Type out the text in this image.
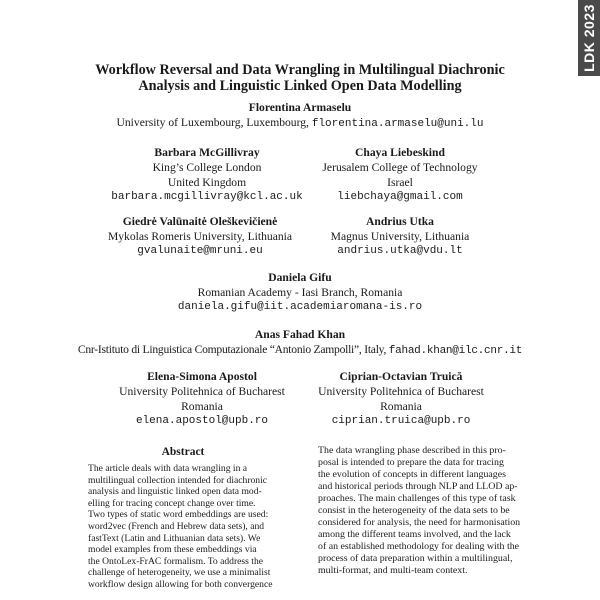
LDK 2023
Workflow Reversal and Data Wrangling in Multilingual Diachronic
Analysis and Linguistic Linked Open Data Modelling
Florentina Armaselu
University of Luxembourg, Luxembourg, florentina.armaselu@uni.lu
Barbara McGillivray
King’s College London
United Kingdom
barbara.mcgillivray@kcl.ac.uk
Chaya Liebeskind
Jerusalem College of Technology
Israel
liebchaya@gmail.com
Giedrė Valūnaitė Oleškevičienė
Mykolas Romeris University, Lithuania
gvalunaite@mruni.eu
Andrius Utka
Magnus University, Lithuania
andrius.utka@vdu.lt
Daniela Gifu
Romanian Academy - Iasi Branch, Romania
daniela.gifu@iit.academiaromana-is.ro
Anas Fahad Khan
Cnr-Istituto di Linguistica Computazionale “Antonio Zampolli”, Italy, fahad.khan@ilc.cnr.it
Elena-Simona Apostol
University Politehnica of Bucharest
Romania
elena.apostol@upb.ro
Ciprian-Octavian Truică
University Politehnica of Bucharest
Romania
ciprian.truica@upb.ro
Abstract
The article deals with data wrangling in a
multilingual collection intended for diachronic
analysis and linguistic linked open data mod-
elling for tracing concept change over time.
Two types of static word embeddings are used:
word2vec (French and Hebrew data sets), and
fastText (Latin and Lithuanian data sets). We
model examples from these embeddings via
the OntoLex-FrAC formalism. To address the
challenge of heterogeneity, we use a minimalist
workflow design allowing for both convergence
The data wrangling phase described in this pro-
posal is intended to prepare the data for tracing
the evolution of concepts in different languages
and historical periods through NLP and LLOD ap-
proaches. The main challenges of this type of task
consist in the heterogeneity of the data sets to be
considered for analysis, the need for harmonisation
among the different teams involved, and the lack
of an established methodology for dealing with the
process of data preparation within a multilingual,
multi-format, and multi-team context.
